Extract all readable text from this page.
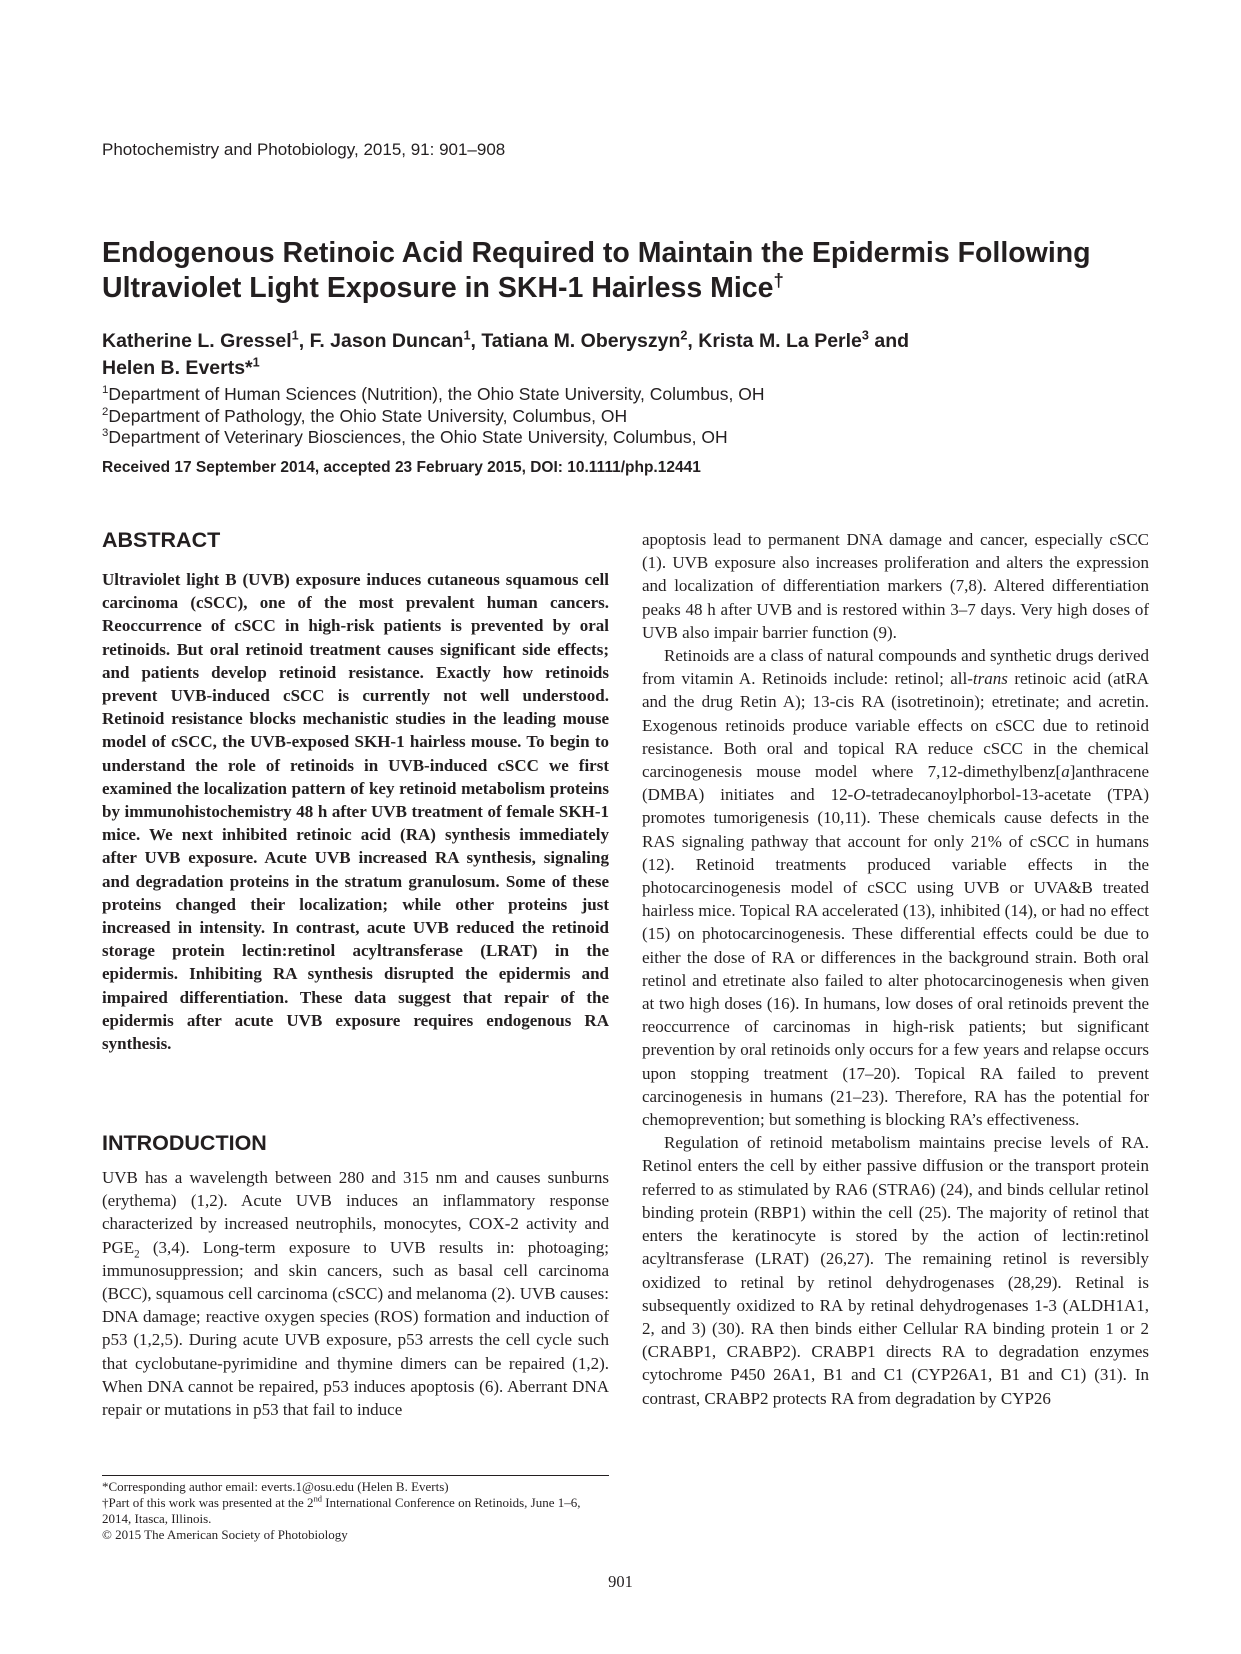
Photochemistry and Photobiology, 2015, 91: 901–908
Endogenous Retinoic Acid Required to Maintain the Epidermis Following
Ultraviolet Light Exposure in SKH-1 Hairless Mice†
Katherine L. Gressel$^1$, F. Jason Duncan$^1$, Tatiana M. Oberyszyn$^2$, Krista M. La Perle$^3$ and
Helen B. Everts*$^1$
$^1$Department of Human Sciences (Nutrition), the Ohio State University, Columbus, OH
$^2$Department of Pathology, the Ohio State University, Columbus, OH
$^3$Department of Veterinary Biosciences, the Ohio State University, Columbus, OH
Received 17 September 2014, accepted 23 February 2015, DOI: 10.1111/php.12441
ABSTRACT

Ultraviolet light B (UVB) exposure induces cutaneous squamous cell carcinoma (cSCC), one of the most prevalent human cancers. Reoccurrence of cSCC in high-risk patients is prevented by oral retinoids. But oral retinoid treatment causes significant side effects; and patients develop retinoid resistance. Exactly how retinoids prevent UVB-induced cSCC is currently not well understood. Retinoid resistance blocks mechanistic studies in the leading mouse model of cSCC, the UVB-exposed SKH-1 hairless mouse. To begin to understand the role of retinoids in UVB-induced cSCC we first examined the localization pattern of key retinoid metabolism proteins by immunohistochemistry 48 h after UVB treatment of female SKH-1 mice. We next inhibited retinoic acid (RA) synthesis immediately after UVB exposure. Acute UVB increased RA synthesis, signaling and degradation proteins in the stratum granulosum. Some of these proteins changed their localization; while other proteins just increased in intensity. In contrast, acute UVB reduced the retinoid storage protein lectin:retinol acyltransferase (LRAT) in the epidermis. Inhibiting RA synthesis disrupted the epidermis and impaired differentiation. These data suggest that repair of the epidermis after acute UVB exposure requires endogenous RA synthesis.

INTRODUCTION

UVB has a wavelength between 280 and 315 nm and causes sunburns (erythema) (1,2). Acute UVB induces an inflammatory response characterized by increased neutrophils, monocytes, COX-2 activity and $PGE_2$ (3,4). Long-term exposure to UVB results in: photoaging; immunosuppression; and skin cancers, such as basal cell carcinoma (BCC), squamous cell carcinoma (cSCC) and melanoma (2). UVB causes: DNA damage; reactive oxygen species (ROS) formation and induction of p53 (1,2,5). During acute UVB exposure, p53 arrests the cell cycle such that cyclobutane-pyrimidine and thymine dimers can be repaired (1,2). When DNA cannot be repaired, p53 induces apoptosis (6). Aberrant DNA repair or mutations in p53 that fail to induce

apoptosis lead to permanent DNA damage and cancer, especially cSCC (1). UVB exposure also increases proliferation and alters the expression and localization of differentiation markers (7,8). Altered differentiation peaks 48 h after UVB and is restored within 3–7 days. Very high doses of UVB also impair barrier function (9).

Retinoids are a class of natural compounds and synthetic drugs derived from vitamin A. Retinoids include: retinol; all-trans retinoic acid (atRA and the drug Retin A); 13-cis RA (isotretinoin); etretinate; and acretin. Exogenous retinoids produce variable effects on cSCC due to retinoid resistance. Both oral and topical RA reduce cSCC in the chemical carcinogenesis mouse model where 7,12-dimethylbenz[a]anthracene (DMBA) initiates and 12-O-tetradecanoylphorbol-13-acetate (TPA) promotes tumorigenesis (10,11). These chemicals cause defects in the RAS signaling pathway that account for only 21% of cSCC in humans (12). Retinoid treatments produced variable effects in the photocarcinogenesis model of cSCC using UVB or UVA&B treated hairless mice. Topical RA accelerated (13), inhibited (14), or had no effect (15) on photocarcinogenesis. These differential effects could be due to either the dose of RA or differences in the background strain. Both oral retinol and etretinate also failed to alter photocarcinogenesis when given at two high doses (16). In humans, low doses of oral retinoids prevent the reoccurrence of carcinomas in high-risk patients; but significant prevention by oral retinoids only occurs for a few years and relapse occurs upon stopping treatment (17–20). Topical RA failed to prevent carcinogenesis in humans (21–23). Therefore, RA has the potential for chemoprevention; but something is blocking RA’s effectiveness.

Regulation of retinoid metabolism maintains precise levels of RA. Retinol enters the cell by either passive diffusion or the transport protein referred to as stimulated by RA6 (STRA6) (24), and binds cellular retinol binding protein (RBP1) within the cell (25). The majority of retinol that enters the keratinocyte is stored by the action of lectin:retinol acyltransferase (LRAT) (26,27). The remaining retinol is reversibly oxidized to retinal by retinol dehydrogenases (28,29). Retinal is subsequently oxidized to RA by retinal dehydrogenases 1-3 (ALDH1A1, 2, and 3) (30). RA then binds either Cellular RA binding protein 1 or 2 (CRABP1, CRABP2). CRABP1 directs RA to degradation enzymes cytochrome P450 26A1, B1 and C1 (CYP26A1, B1 and C1) (31). In contrast, CRABP2 protects RA from degradation by CYP26

*Corresponding author email: everts.1@osu.edu (Helen B. Everts)

†Part of this work was presented at the 2nd International Conference on Retinoids, June 1–6, 2014, Itasca, Illinois.

© 2015 The American Society of Photobiology

901
